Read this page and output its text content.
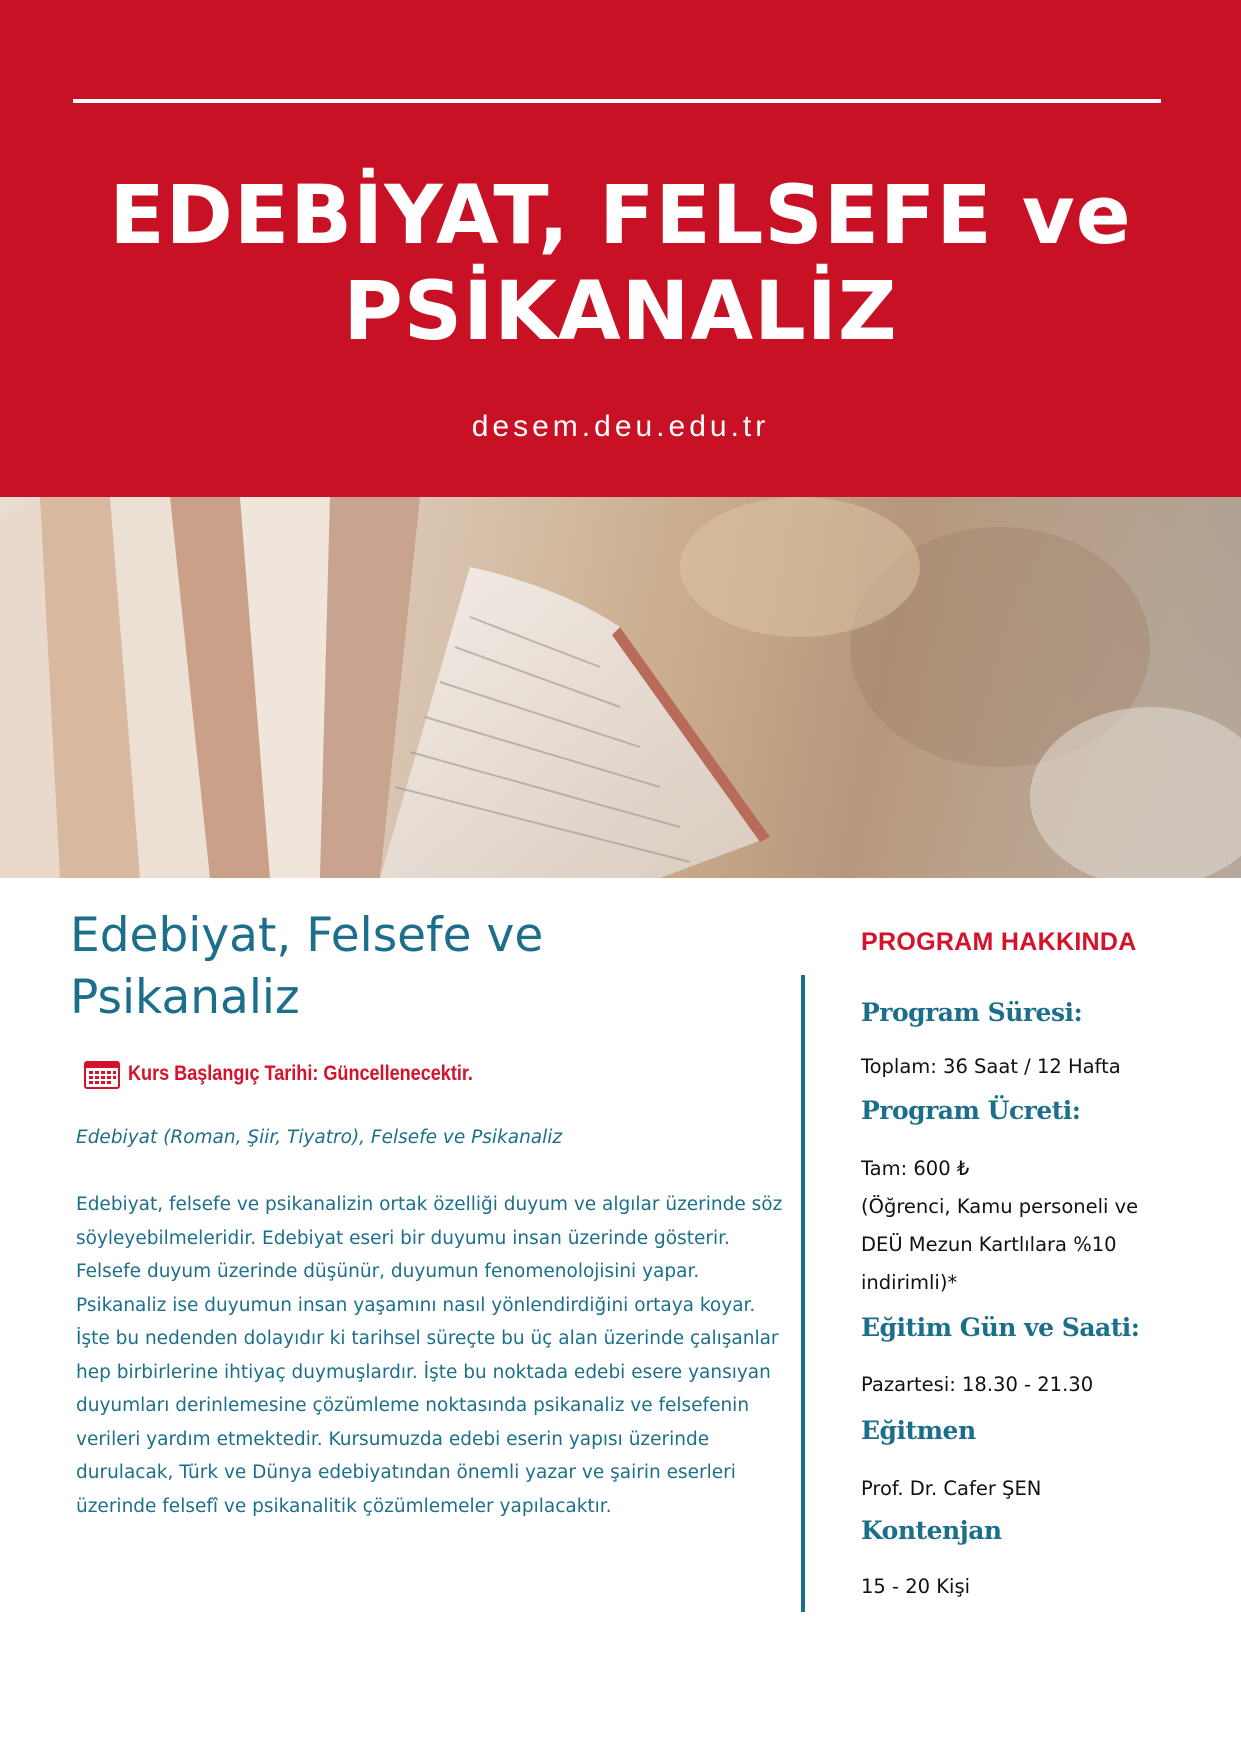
EDEBİYAT, FELSEFE ve
PSİKANALİZ
desem.deu.edu.tr
Edebiyat, Felsefe ve Psikanaliz
Kurs Başlangıç Tarihi: Güncellenecektir.
Edebiyat (Roman, Şiir, Tiyatro), Felsefe ve Psikanaliz

Edebiyat, felsefe ve psikanalizin ortak özelliği duyum ve algılar üzerinde söz söyleyebilmeleridir. Edebiyat eseri bir duyumu insan üzerinde gösterir. Felsefe duyum üzerinde düşünür, duyumun fenomenolojisini yapar.

Psikanaliz ise duyumun insan yaşamını nasıl yönlendirdiğini ortaya koyar. İşte bu nedenden dolayıdır ki tarihsel süreçte bu üç alan üzerinde çalışanlar hep birbirlerine ihtiyaç duymuşlardır. İşte bu noktada edebi esere yansıyan duyumları derinlemesine çözümleme noktasında psikanaliz ve felsefenin verileri yardım etmektedir. Kursumuzda edebi eserin yapısı üzerinde durulacak, Türk ve Dünya edebiyatından önemli yazar ve şairin eserleri üzerinde felsefî ve psikanalitik çözümlemeler yapılacaktır.

PROGRAM HAKKINDA
Program Süresi:
Toplam: 36 Saat / 12 Hafta
Program Ücreti:
Tam: 600 ₺
(Öğrenci, Kamu personeli ve DEÜ Mezun Kartlılara %10 indirimli)*
Eğitim Gün ve Saati:
Pazartesi: 18.30 - 21.30
Eğitmen
Prof. Dr. Cafer ŞEN
Kontenjan
15 - 20 Kişi
